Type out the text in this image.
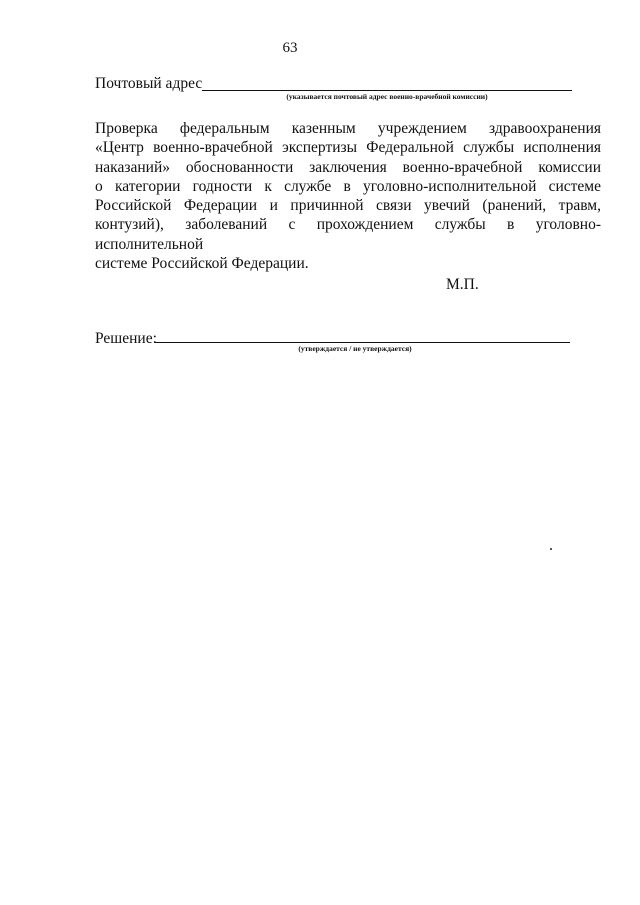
63
Почтовый адрес
(указывается почтовый адрес военно-врачебной комиссии)
Проверка федеральным казенным учреждением здравоохранения
«Центр военно-врачебной экспертизы Федеральной службы исполнения
наказаний» обоснованности заключения военно-врачебной комиссии
о категории годности к службе в уголовно-исполнительной системе
Российской Федерации и причинной связи увечий (ранений, травм,
контузий), заболеваний с прохождением службы в уголовно-исполнительной
системе Российской Федерации.
М.П.
Решение:
(утверждается / не утверждается)
